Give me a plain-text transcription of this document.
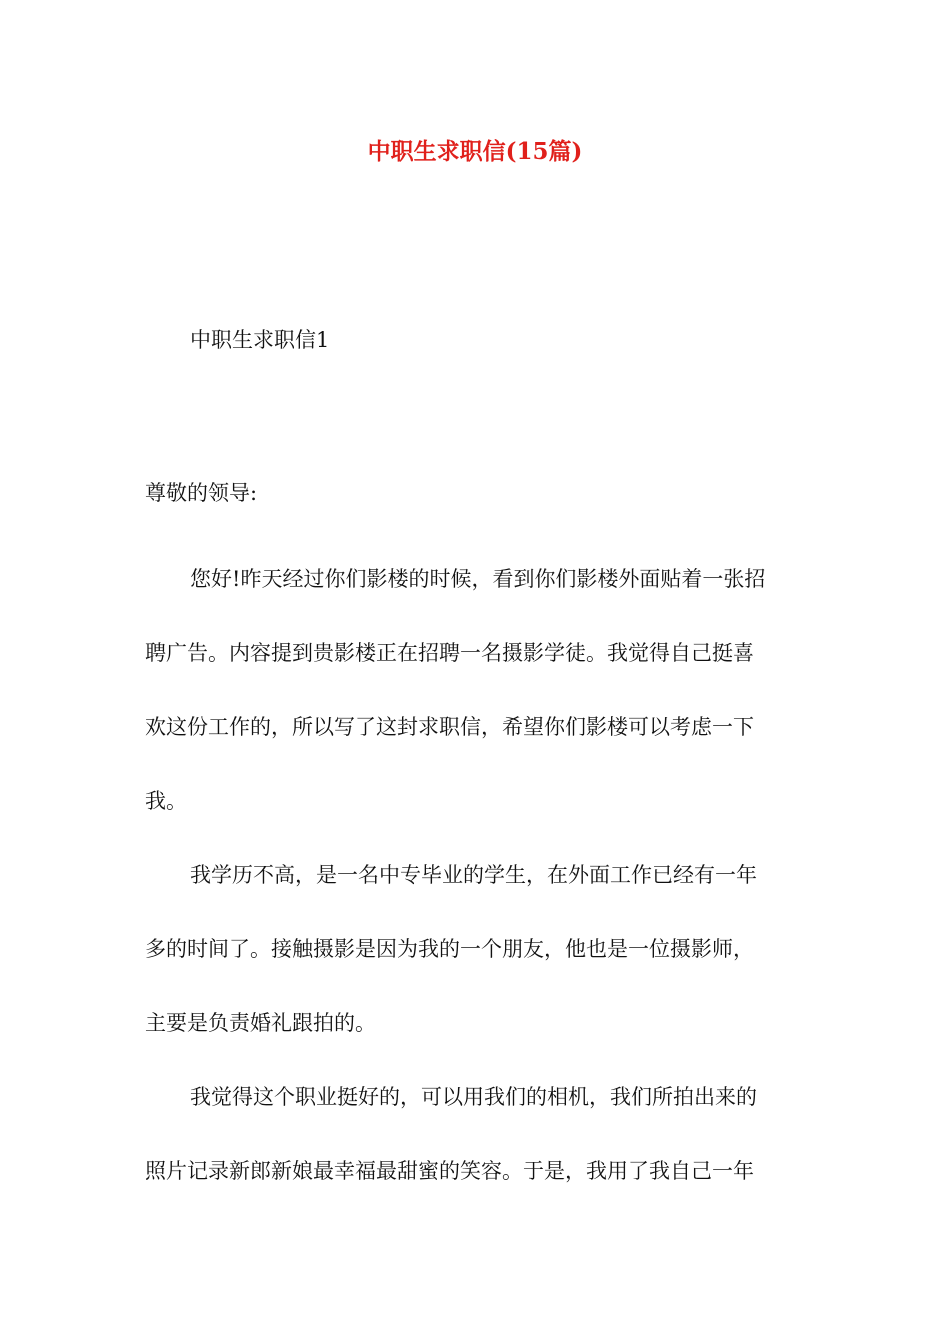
中职生求职信(15篇)
中职生求职信1
尊敬的领导:

您好!昨天经过你们影楼的时候，看到你们影楼外面贴着一张招
聘广告。内容提到贵影楼正在招聘一名摄影学徒。我觉得自己挺喜
欢这份工作的，所以写了这封求职信，希望你们影楼可以考虑一下
我。

我学历不高，是一名中专毕业的学生，在外面工作已经有一年
多的时间了。接触摄影是因为我的一个朋友，他也是一位摄影师，
主要是负责婚礼跟拍的。

我觉得这个职业挺好的，可以用我们的相机，我们所拍出来的
照片记录新郎新娘最幸福最甜蜜的笑容。于是，我用了我自己一年
